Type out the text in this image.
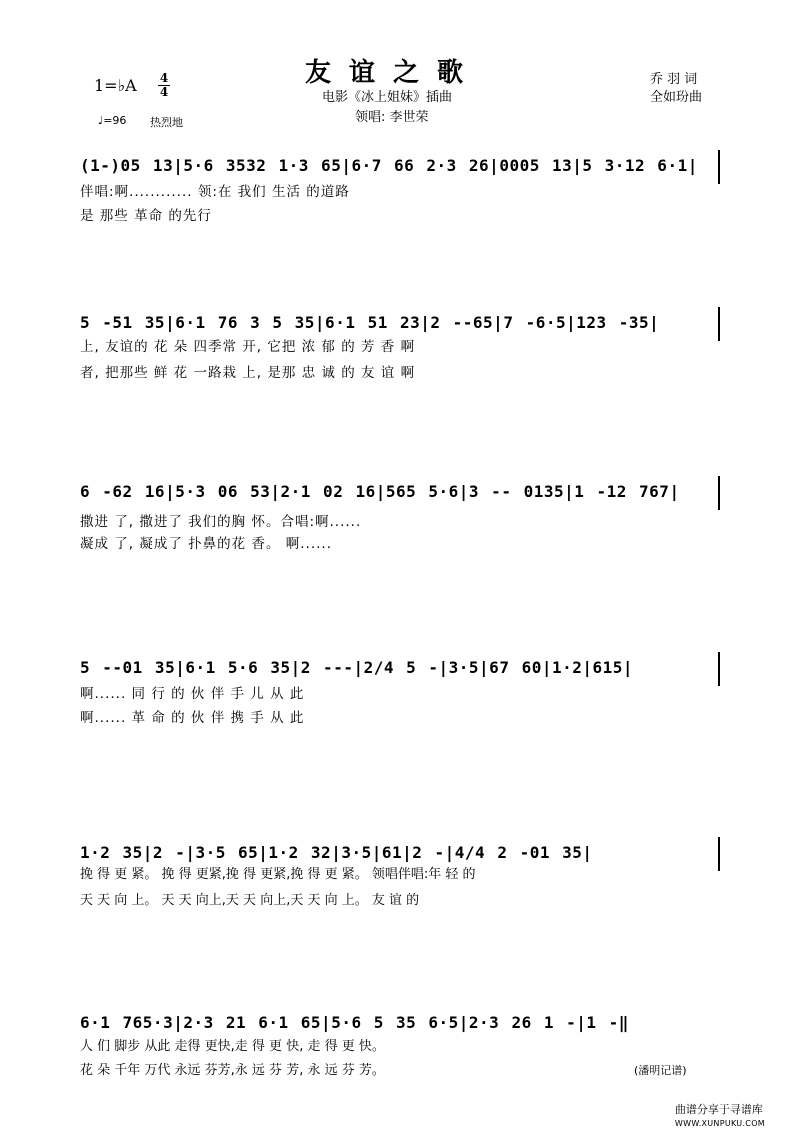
友谊之歌
电影《冰上姐妹》插曲
领唱: 李世荣
乔 羽 词
全如玢曲
1=♭A 4
4
♩=96 热烈地
(1-)05 13|5·6 3532 1·3 65|6·7 66 2·3 26|0005 13|5 3·12 6·1|
伴唱:啊............ 领:在 我们 生活 的道路
是 那些 革命 的先行
5 -51 35|6·1 76 3 5 35|6·1 51 23|2 --65|7 -6·5|123 -35|
上, 友谊的 花 朵 四季常 开, 它把 浓 郁 的 芳 香 啊
者, 把那些 鲜 花 一路栽 上, 是那 忠 诚 的 友 谊 啊
6 -62 16|5·3 06 53|2·1 02 16|565 5·6|3 -- 0135|1 -12 767|
撒进 了, 撒进了 我们的胸 怀。合唱:啊......
凝成 了, 凝成了 扑鼻的花 香。 啊......
5 --01 35|6·1 5·6 35|2 ---|2/4 5 -|3·5|67 60|1·2|615|
啊...... 同 行 的 伙 伴 手 儿 从 此
啊...... 革 命 的 伙 伴 携 手 从 此
1·2 35|2 -|3·5 65|1·2 32|3·5|61|2 -|4/4 2 -01 35|
挽 得 更 紧。 挽 得 更紧,挽 得 更紧,挽 得 更 紧。 领唱伴唱:年 轻 的
天 天 向 上。 天 天 向上,天 天 向上,天 天 向 上。 友 谊 的
6·1 765·3|2·3 21 6·1 65|5·6 5 35 6·5|2·3 26 1 -|1 -‖
人 们 脚步 从此 走得 更快,走 得 更 快, 走 得 更 快。
花 朵 千年 万代 永远 芬芳,永 远 芬 芳, 永 远 芬 芳。	(潘明记谱)
曲谱分享于寻谱库
WWW.XUNPUKU.COM
